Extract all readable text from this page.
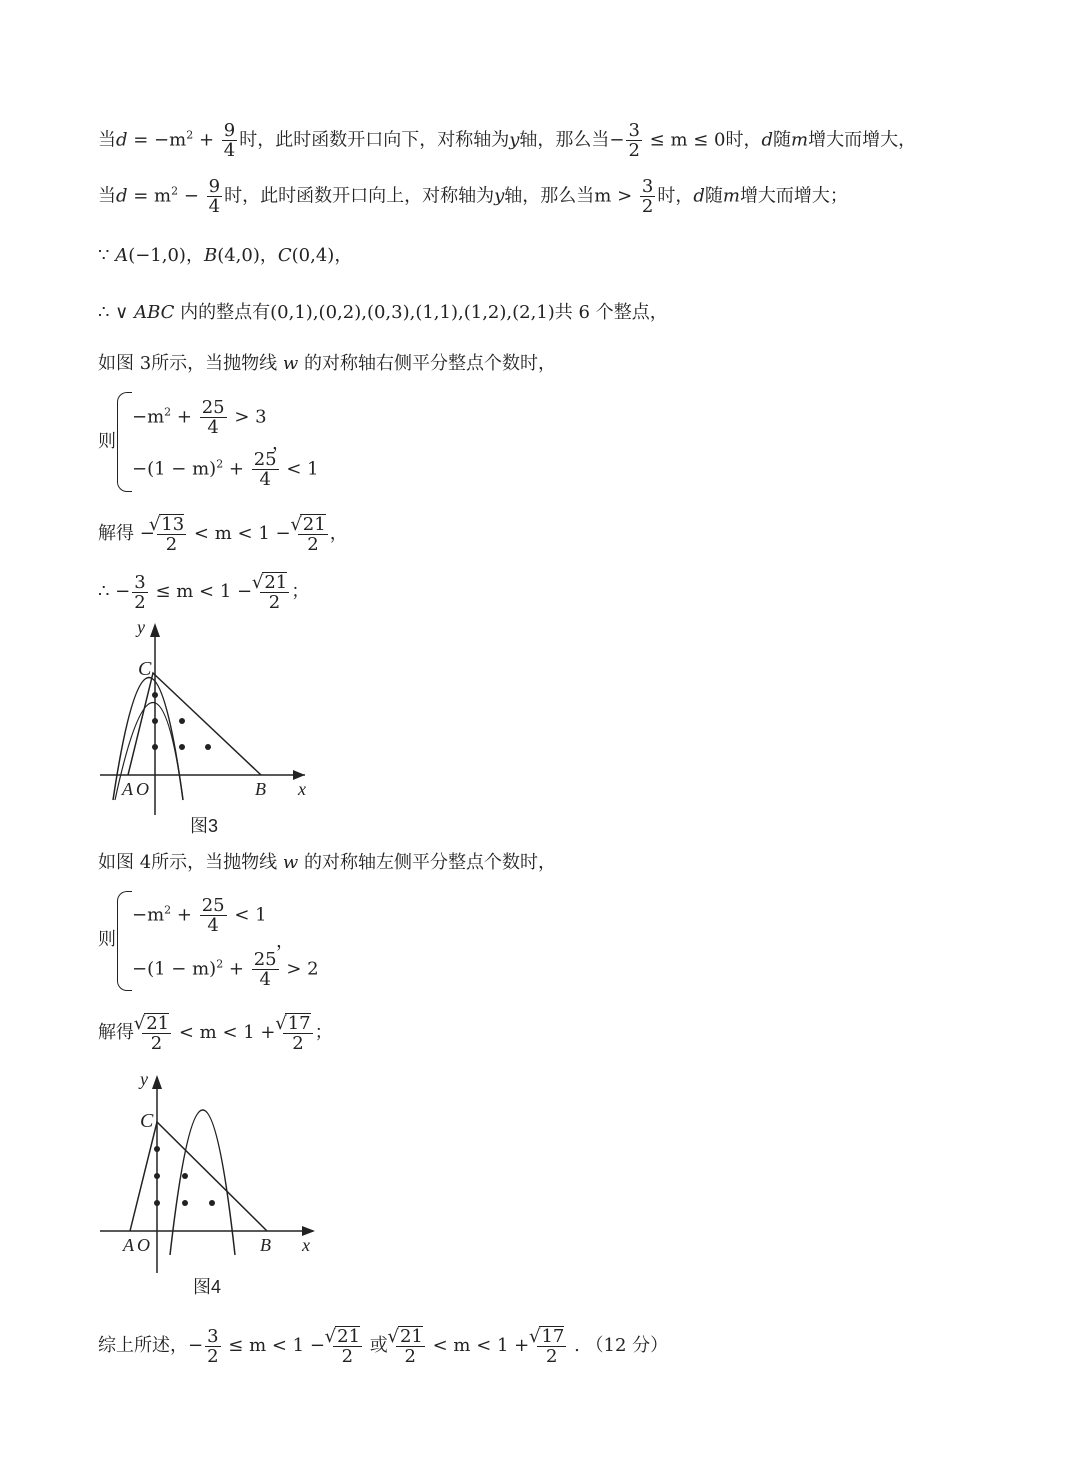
当$d = -m^2 + \frac{9}{4}$ 时，此时函数开口向下，对称轴为y轴，那么当− $\frac{3}{2} \le m \le 0$时，d随m增大而增大，
当$d = m^2 - \frac{9}{4}$ 时，此时函数开口向上，对称轴为y轴，那么当$m > \frac{3}{2}$ 时，d随m增大而增大；
∵ A(−1,0)，B(4,0)，C(0,4)，
∴ ∨ ABC 内的整点有(0,1),(0,2),(0,3),(1,1),(1,2),(2,1)共 6 个整点，
如图 3所示，当抛物线 w 的对称轴右侧平分整点个数时，
则
$-m^2 + \frac{25}{4} > 3$
$-(1 - m)^2 + \frac{25}{4} < 1$
，
解得 − √ $\frac{13}{2} < m < 1$ − √ $\frac{21}{2}$ ，
∴ − $\frac{3}{2} \le m < 1$ − √ $\frac{21}{2}$ ；
y
x
C
A O	B
图3
如图 4所示，当抛物线 w 的对称轴左侧平分整点个数时，
则
$-m^2 + \frac{25}{4} < 1$
$-(1 - m)^2 + \frac{25}{4} > 2$
，
解得 √ $\frac{21}{2} < m < 1$ + √ $\frac{17}{2}$ ；
y
x
C
A O	B
图4
综上所述，− $\frac{3}{2} \le m < 1$ − √ $\frac{21}{2}$ 或 √ $\frac{21}{2} < m < 1$ + √ $\frac{17}{2}$ . （12 分）
